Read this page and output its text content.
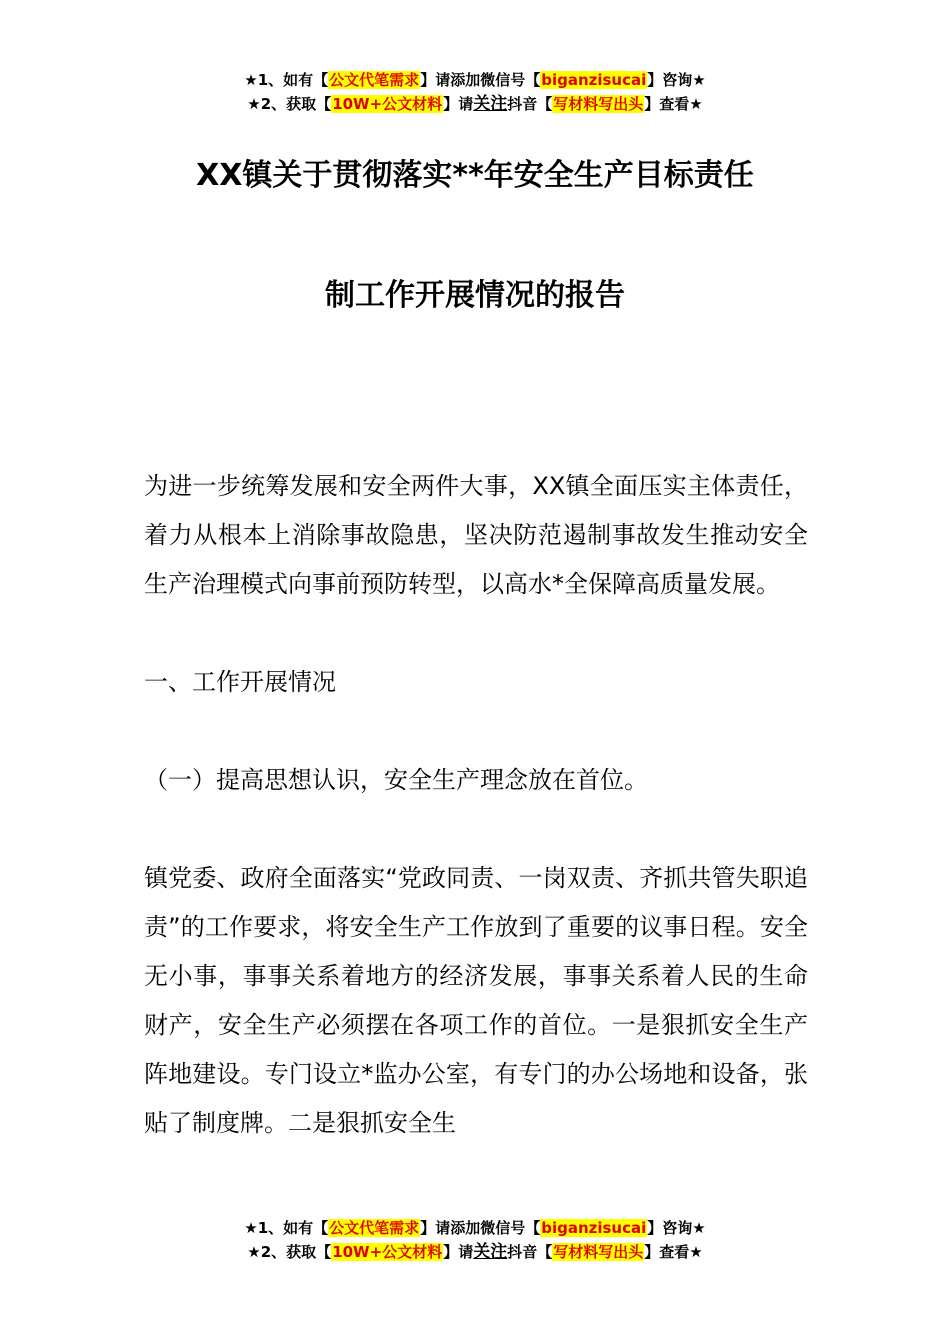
★1、如有【公文代笔需求】请添加微信号【biganzisucai】咨询★
★2、获取【10W+公文材料】请关注抖音【写材料写出头】查看★
XX镇关于贯彻落实**年安全生产目标责任
制工作开展情况的报告

为进一步统筹发展和安全两件大事，XX镇全面压实主体责任，着力从根本上消除事故隐患，坚决防范遏制事故发生推动安全生产治理模式向事前预防转型，以高水*全保障高质量发展。

一、工作开展情况

（一）提高思想认识，安全生产理念放在首位。

镇党委、政府全面落实“党政同责、一岗双责、齐抓共管失职追责”的工作要求，将安全生产工作放到了重要的议事日程。安全无小事，事事关系着地方的经济发展，事事关系着人民的生命财产，安全生产必须摆在各项工作的首位。一是狠抓安全生产阵地建设。专门设立*监办公室，有专门的办公场地和设备，张贴了制度牌。二是狠抓安全生

★1、如有【公文代笔需求】请添加微信号【biganzisucai】咨询★
★2、获取【10W+公文材料】请关注抖音【写材料写出头】查看★
